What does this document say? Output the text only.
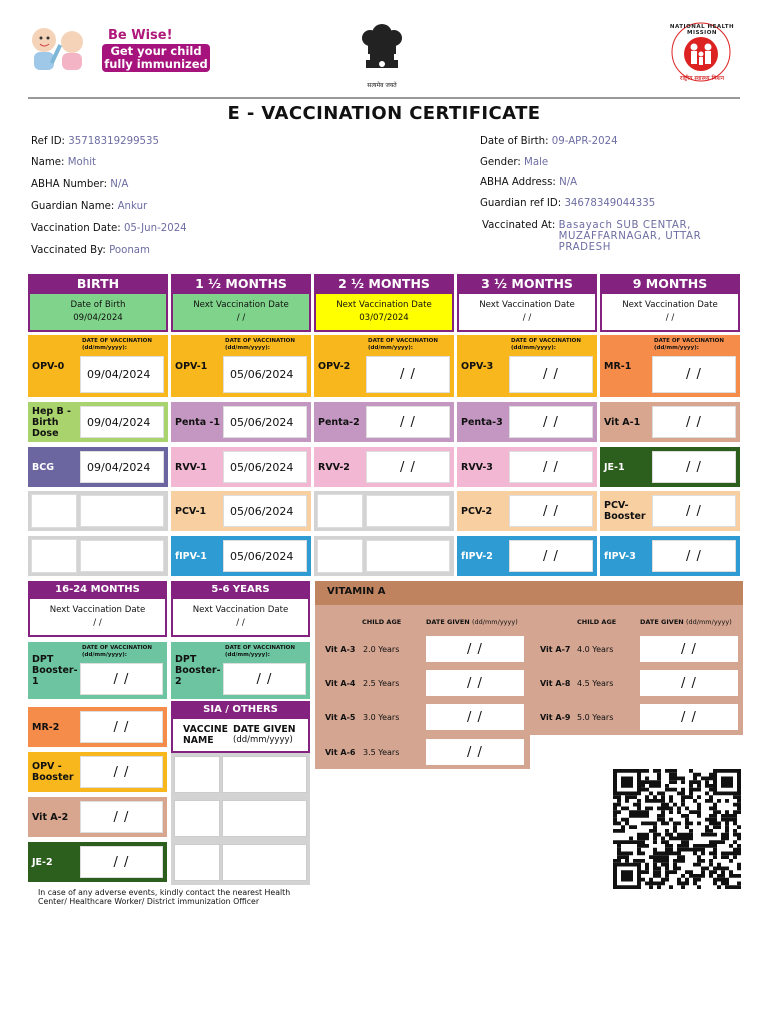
Be Wise!
Get your child
fully immunized
सत्यमेव जयते
NATIONAL HEALTH MISSION
राष्ट्रीय स्वास्थ्य मिशन
E - VACCINATION CERTIFICATE
Ref ID: 35718319299535
Name: Mohit
ABHA Number: N/A
Guardian Name: Ankur
Vaccination Date: 05-Jun-2024
Vaccinated By: Poonam
Date of Birth: 09-APR-2024
Gender: Male
ABHA Address: N/A
Guardian ref ID: 34678349044335
Vaccinated At: Basayach SUB CENTAR, MUZAFFARNAGAR, UTTAR PRADESH
BIRTH
Date of Birth
09/04/2024
OPV-0
DATE OF VACCINATION (dd/mm/yyyy):
09/04/2024
Hep B - Birth Dose
09/04/2024
BCG	09/04/2024
1 ½ MONTHS
Next Vaccination Date
/ /
OPV-1
DATE OF VACCINATION (dd/mm/yyyy):
05/06/2024
Penta -1 05/06/2024
RVV-1	05/06/2024
PCV-1	05/06/2024
fIPV-1	05/06/2024
2 ½ MONTHS
Next Vaccination Date
03/07/2024
OPV-2
DATE OF VACCINATION (dd/mm/yyyy):
/ /
Penta-2	/ /
RVV-2	/ /
3 ½ MONTHS
Next Vaccination Date
/ /
OPV-3
DATE OF VACCINATION (dd/mm/yyyy):
/ /
Penta-3	/ /
RVV-3	/ /
PCV-2	/ /
fIPV-2	/ /
9 MONTHS
Next Vaccination Date
/ /
MR-1
DATE OF VACCINATION (dd/mm/yyyy):
/ /
Vit A-1	/ /
JE-1	/ /
PCV-Booster	/ /
fIPV-3	/ /
16-24 MONTHS
Next Vaccination Date
/ /
DPT Booster-1
DATE OF VACCINATION (dd/mm/yyyy):
/ /
MR-2	/ /
OPV - Booster	/ /
Vit A-2	/ /
JE-2	/ /
5-6 YEARS
Next Vaccination Date
/ /
DPT Booster-2
DATE OF VACCINATION (dd/mm/yyyy):
/ /
SIA / OTHERS
VACCINE NAME
DATE GIVEN
(dd/mm/yyyy)
VITAMIN A
CHILD AGE	DATE GIVEN (dd/mm/yyyy)	CHILD AGE	DATE GIVEN (dd/mm/yyyy)
Vit A-3 2.0 Years	/ /
Vit A-4 2.5 Years	/ /
Vit A-5 3.0 Years	/ /
Vit A-6 3.5 Years	/ /
Vit A-7 4.0 Years	/ /
Vit A-8 4.5 Years	/ /
Vit A-9 5.0 Years	/ /
In case of any adverse events, kindly contact the nearest Health Center/ Healthcare Worker/ District immunization Officer
